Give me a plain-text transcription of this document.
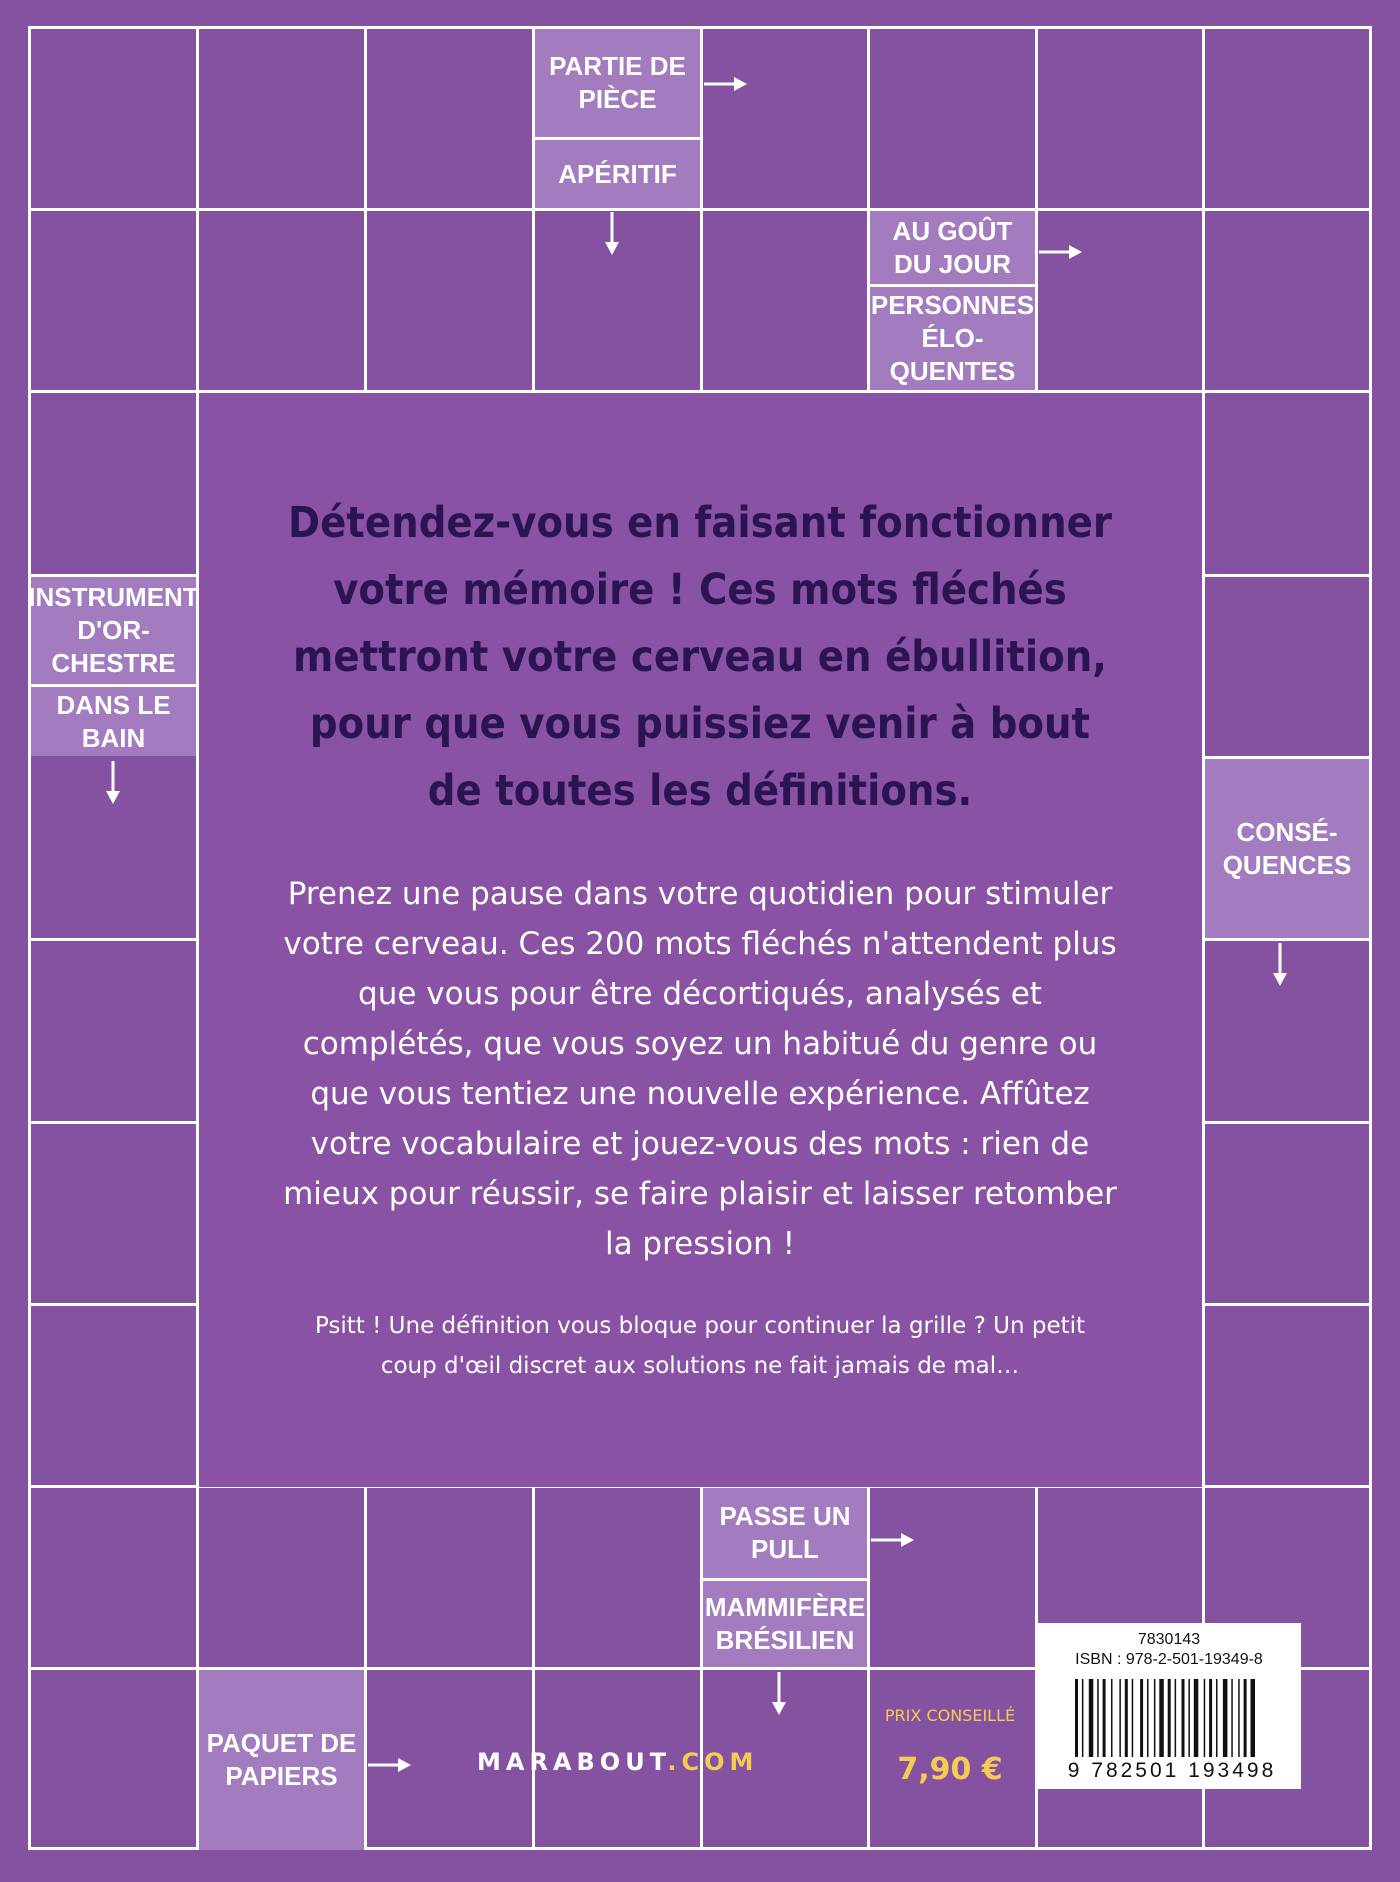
PARTIE DE PIÈCE
APÉRITIF
AU GOÛT DU JOUR
PERSONNES ÉLO-QUENTES
INSTRUMENT D'OR-CHESTRE
DANS LE BAIN
CONSÉ-QUENCES
PASSE UN PULL
MAMMIFÈRE BRÉSILIEN
PAQUET DE PAPIERS

Détendez-vous en faisant fonctionner votre mémoire ! Ces mots fléchés mettront votre cerveau en ébullition, pour que vous puissiez venir à bout de toutes les définitions.

Prenez une pause dans votre quotidien pour stimuler votre cerveau. Ces 200 mots fléchés n'attendent plus que vous pour être décortiqués, analysés et complétés, que vous soyez un habitué du genre ou que vous tentiez une nouvelle expérience. Affûtez votre vocabulaire et jouez-vous des mots : rien de mieux pour réussir, se faire plaisir et laisser retomber la pression !

Psitt ! Une définition vous bloque pour continuer la grille ? Un petit coup d'œil discret aux solutions ne fait jamais de mal…

MARABOUT.COM
PRIX CONSEILLÉ
7,90 €
7830143
ISBN : 978-2-501-19349-8
9 782501 193498
